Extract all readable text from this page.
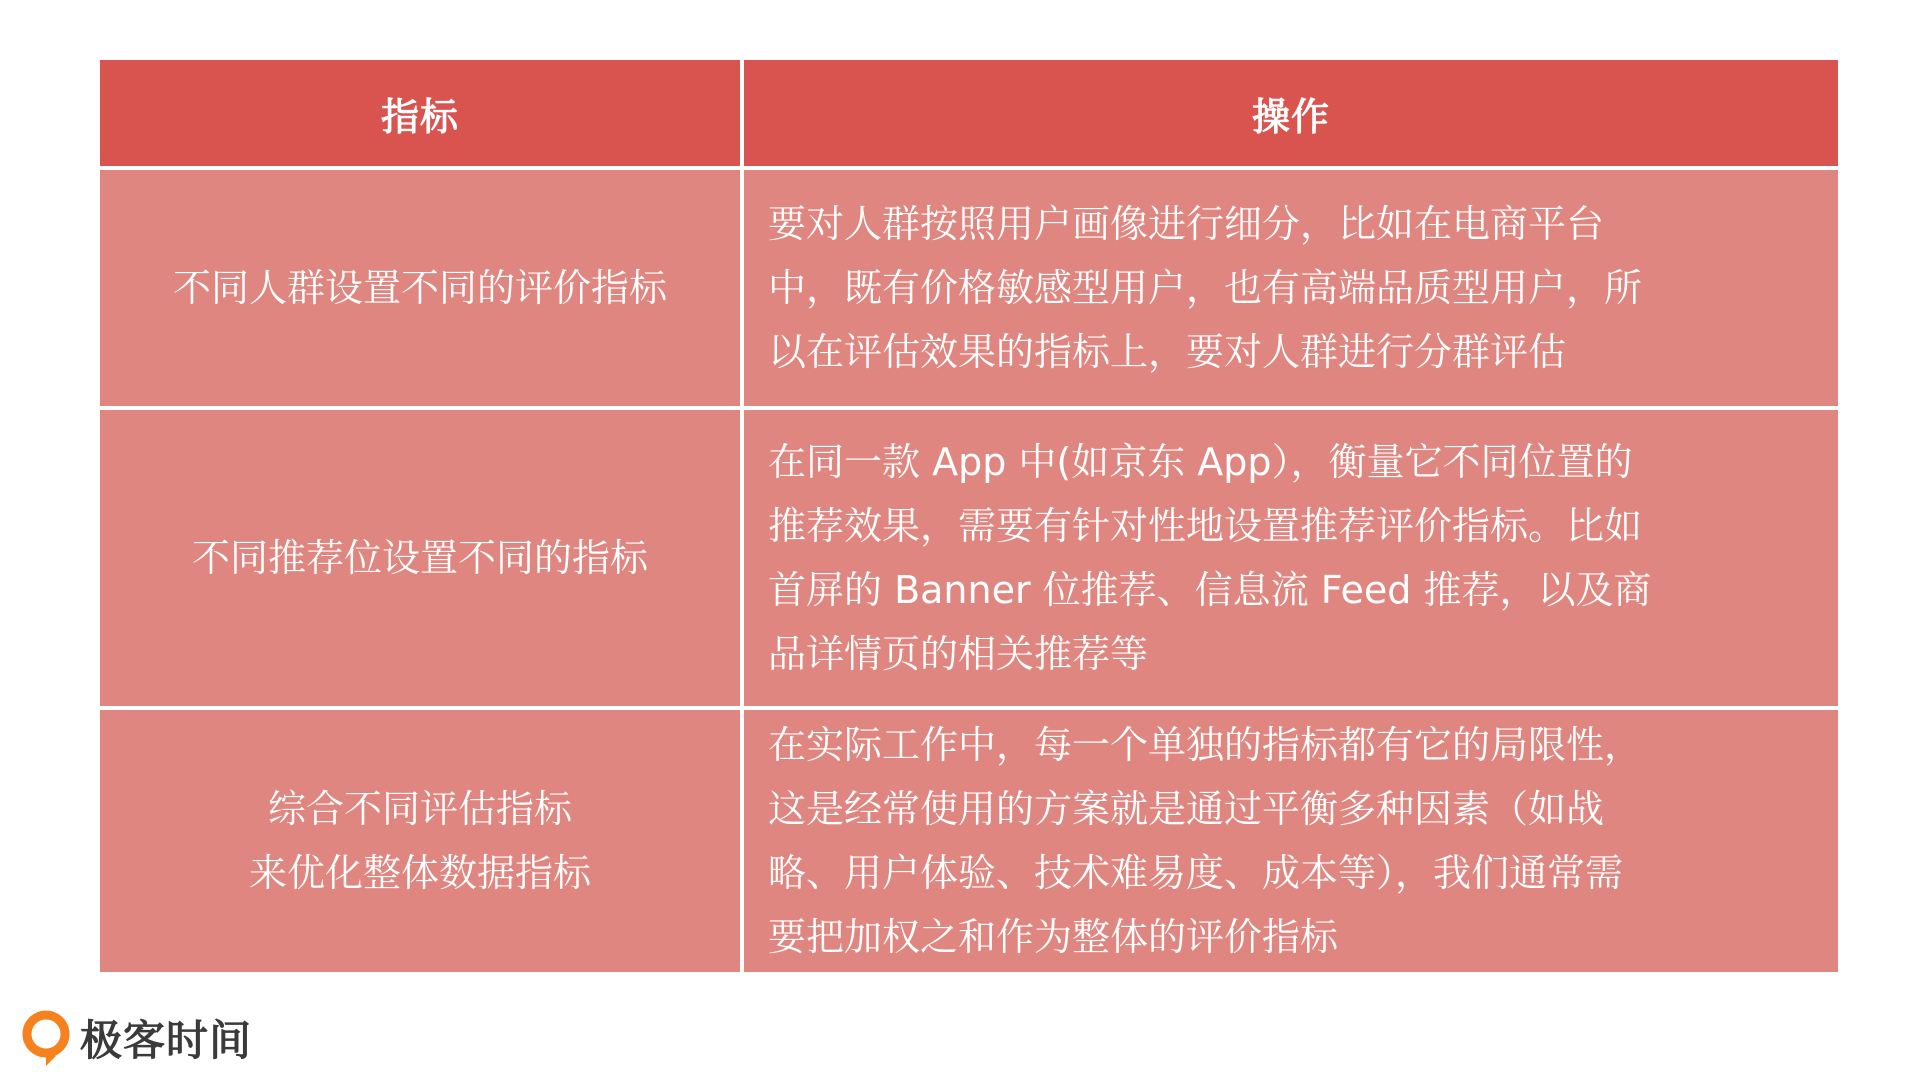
指标	操作

不同人群设置不同的评价指标	要对人群按照用户画像进行细分，比如在电商平台
中，既有价格敏感型用户，也有高端品质型用户，所
以在评估效果的指标上，要对人群进行分群评估

不同推荐位设置不同的指标	在同一款 App 中(如京东 App），衡量它不同位置的
推荐效果，需要有针对性地设置推荐评价指标。比如
首屏的 Banner 位推荐、信息流 Feed 推荐，以及商
品详情页的相关推荐等

综合不同评估指标
来优化整体数据指标	在实际工作中，每一个单独的指标都有它的局限性，
这是经常使用的方案就是通过平衡多种因素（如战
略、用户体验、技术难易度、成本等），我们通常需
要把加权之和作为整体的评价指标
极客时间
